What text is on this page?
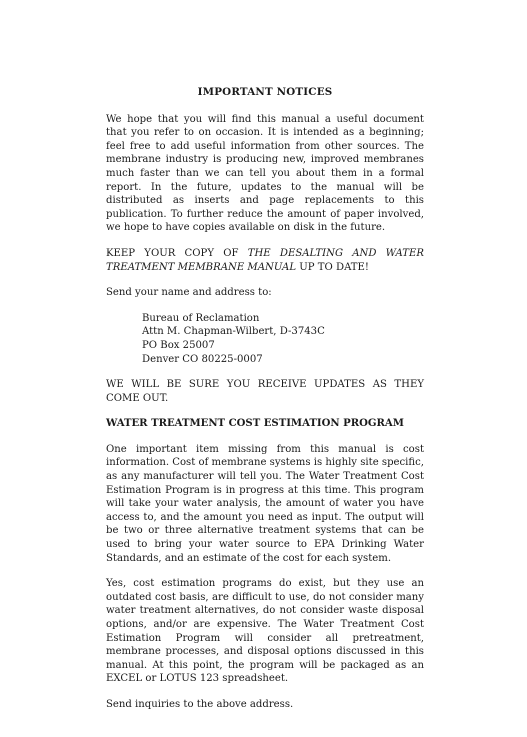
IMPORTANT NOTICES

We hope that you will find this manual a useful document that you refer to on occasion. It is intended as a beginning; feel free to add useful information from other sources. The membrane industry is producing new, improved membranes much faster than we can tell you about them in a formal report. In the future, updates to the manual will be distributed as inserts and page replacements to this publication. To further reduce the amount of paper involved, we hope to have copies available on disk in the future.

KEEP YOUR COPY OF THE DESALTING AND WATER TREATMENT MEMBRANE MANUAL UP TO DATE!

Send your name and address to:

Bureau of Reclamation
Attn M. Chapman-Wilbert, D-3743C
PO Box 25007
Denver CO 80225-0007

WE WILL BE SURE YOU RECEIVE UPDATES AS THEY COME OUT.

WATER TREATMENT COST ESTIMATION PROGRAM

One important item missing from this manual is cost information. Cost of membrane systems is highly site specific, as any manufacturer will tell you. The Water Treatment Cost Estimation Program is in progress at this time. This program will take your water analysis, the amount of water you have access to, and the amount you need as input. The output will be two or three alternative treatment systems that can be used to bring your water source to EPA Drinking Water Standards, and an estimate of the cost for each system.

Yes, cost estimation programs do exist, but they use an outdated cost basis, are difficult to use, do not consider many water treatment alternatives, do not consider waste disposal options, and/or are expensive. The Water Treatment Cost Estimation Program will consider all pretreatment, membrane processes, and disposal options discussed in this manual. At this point, the program will be packaged as an EXCEL or LOTUS 123 spreadsheet.

Send inquiries to the above address.
